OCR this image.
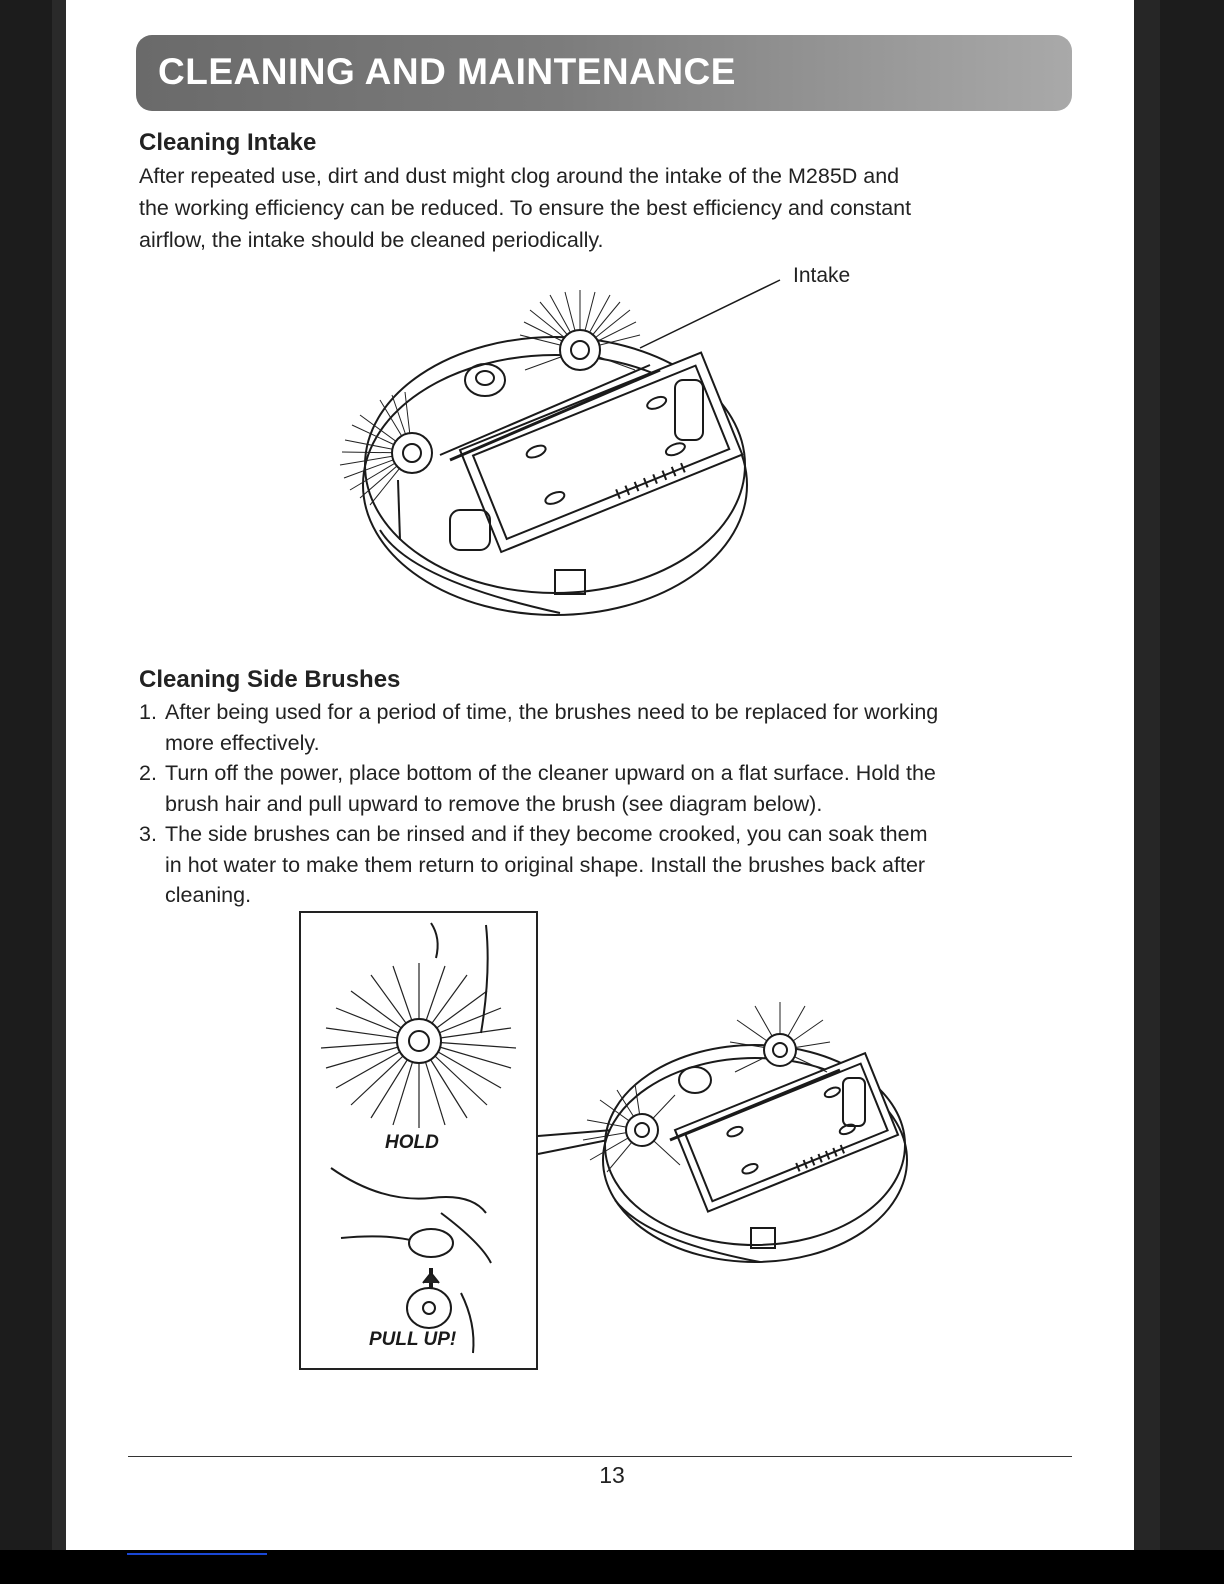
CLEANING AND MAINTENANCE
Cleaning Intake

After repeated use, dirt and dust might clog around the intake of the M285D and
the working efficiency can be reduced. To ensure the best efficiency and constant
airflow, the intake should be cleaned periodically.

Intake
Cleaning Side Brushes
1. After being used for a period of time, the brushes need to be replaced for working
more effectively.
2. Turn off the power, place bottom of the cleaner upward on a flat surface. Hold the
brush hair and pull upward to remove the brush (see diagram below).
3. The side brushes can be rinsed and if they become crooked, you can soak them
in hot water to make them return to original shape. Install the brushes back after
cleaning.
HOLD
PULL UP!
13
